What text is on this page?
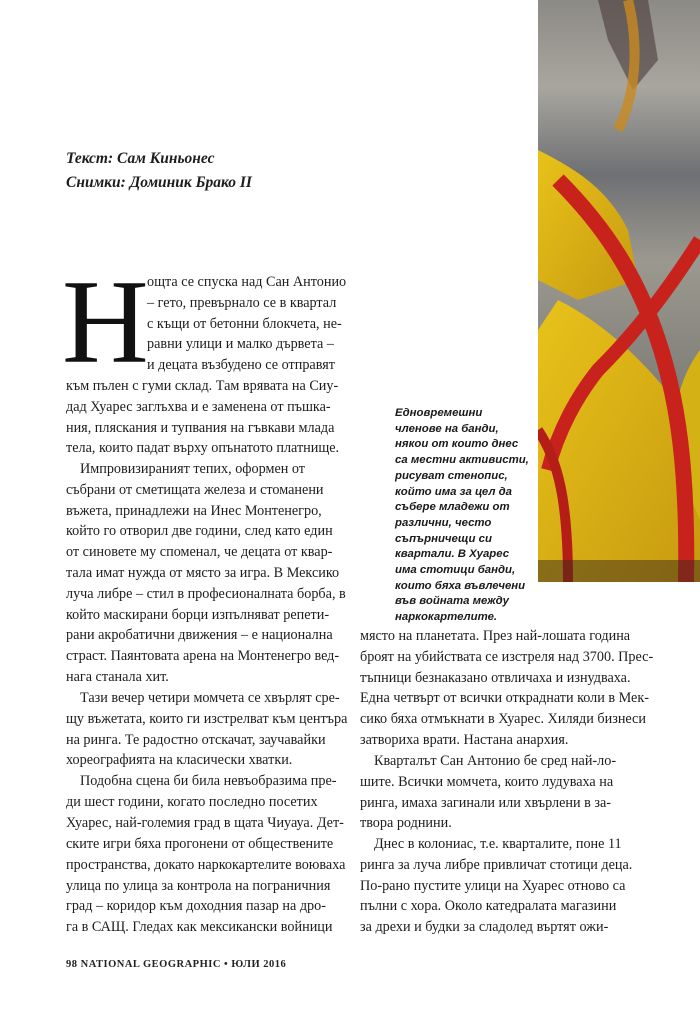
Текст: Сам Киньонес
Снимки: Доминик Брако II
Едновремешни членове на банди, някои от които днес са местни активисти, рисуват стенопис, който има за цел да събере младежи от различни, често съпърничещи си квартали. В Хуарес има стотици банди, които бяха въвлечени във войната между наркокартелите.
Н
ощта се спуска над Сан Антонио
– гето, превърнало се в квартал
с къщи от бетонни блокчета, не-
равни улици и малко дървета –
и децата възбудено се отправят
към пълен с гуми склад. Там врявата на Сиу-
дад Хуарес заглъхва и е заменена от пъшка-
ния, пляскания и тупвания на гъвкави млада
тела, които падат върху опънатото платнище.
Импровизираният тепих, оформен от
събрани от сметищата железа и стоманени
въжета, принадлежи на Инес Монтенегро,
който го отворил две години, след като един
от синовете му споменал, че децата от квар-
тала имат нужда от място за игра. В Мексико
лучa либре – стил в професионалната борба, в
който маскирани борци изпълняват репети-
рани акробатични движения – е национална
страст. Паянтовата арена на Монтенегро вед-
нага станала хит.
Тази вечер четири момчета се хвърлят сре-
щу въжетата, които ги изстрелват към центъра
на ринга. Те радостно отскачат, заучавайки
хореографията на класически хватки.
Подобна сцена би била невъобразима пре-
ди шест години, когато последно посетих
Хуарес, най-големия град в щата Чиуауа. Дет-
ските игри бяха прогонени от обществените
пространства, докато наркокартелите воюваха
улица по улица за контрола на пограничния
град – коридор към доходния пазар на дро-
га в САЩ. Гледах как мексикански войници
място на планетата. През най-лошата година
броят на убийствата се изстреля над 3700. Прес-
тъпници безнаказано отвличаха и изнудваха.
Една четвърт от всички откраднати коли в Мек-
сико бяха отмъкнати в Хуарес. Хиляди бизнеси
затвориха врати. Настана анархия.
Кварталът Сан Антонио бе сред най-ло-
шите. Всички момчета, които лудуваха на
ринга, имаха загинали или хвърлени в за-
твора роднини.
Днес в колониас, т.е. кварталите, поне 11
ринга за луча либре привличат стотици деца.
По-рано пустите улици на Хуарес отново са
пълни с хора. Около катедралата магазини
за дрехи и будки за сладолед въртят ожи-
98 NATIONAL GEOGRAPHIC • ЮЛИ 2016
